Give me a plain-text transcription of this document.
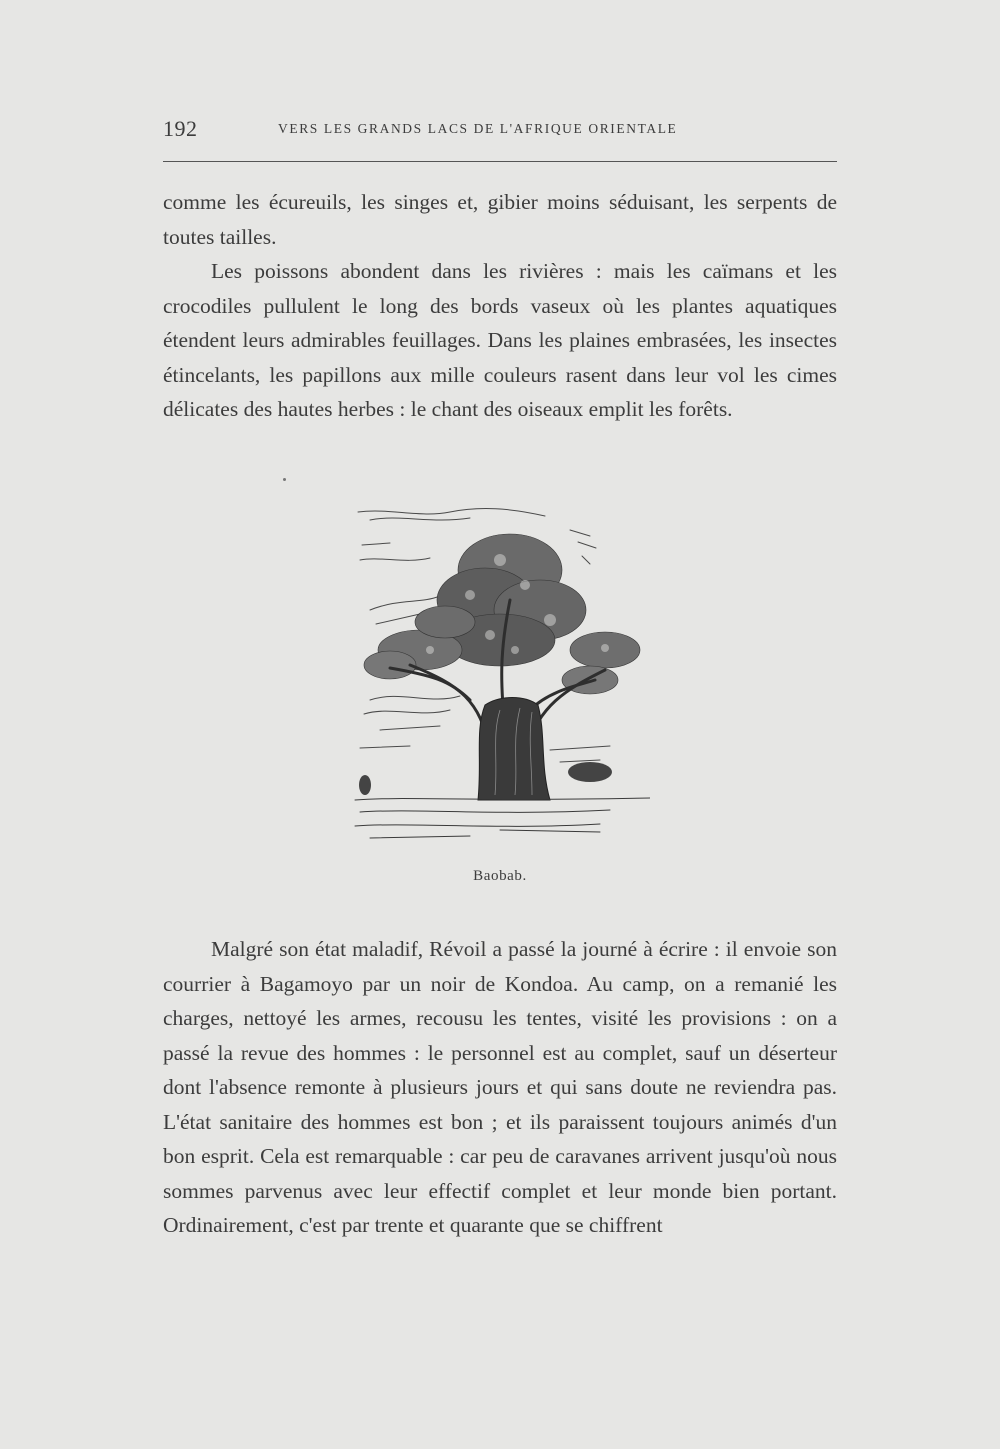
192	VERS LES GRANDS LACS DE L'AFRIQUE ORIENTALE

comme les écureuils, les singes et, gibier moins séduisant, les serpents de toutes tailles.

Les poissons abondent dans les rivières : mais les caïmans et les crocodiles pullulent le long des bords vaseux où les plantes aquatiques étendent leurs admirables feuillages. Dans les plaines embrasées, les insectes étincelants, les papillons aux mille couleurs rasent dans leur vol les cimes délicates des hautes herbes : le chant des oiseaux emplit les forêts.

Baobab.

Malgré son état maladif, Révoil a passé la journé à écrire : il envoie son courrier à Bagamoyo par un noir de Kondoa. Au camp, on a remanié les charges, nettoyé les armes, recousu les tentes, visité les provisions : on a passé la revue des hommes : le personnel est au complet, sauf un déserteur dont l'absence remonte à plusieurs jours et qui sans doute ne reviendra pas. L'état sanitaire des hommes est bon ; et ils paraissent toujours animés d'un bon esprit. Cela est remarquable : car peu de caravanes arrivent jusqu'où nous sommes parvenus avec leur effectif complet et leur monde bien portant. Ordinairement, c'est par trente et quarante que se chiffrent
